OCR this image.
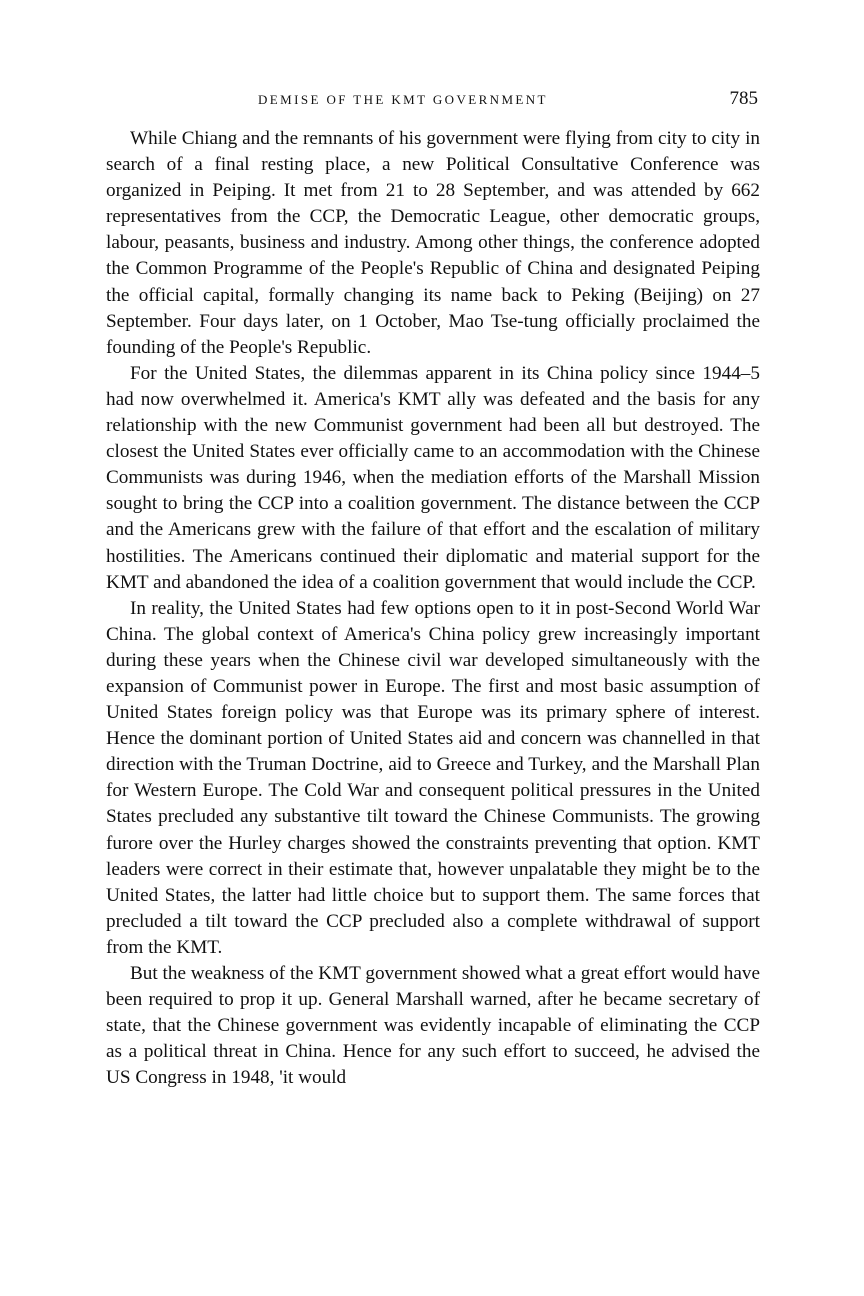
DEMISE OF THE KMT GOVERNMENT	785

While Chiang and the remnants of his government were flying from city to city in search of a final resting place, a new Political Consultative Conference was organized in Peiping. It met from 21 to 28 September, and was attended by 662 representatives from the CCP, the Democratic League, other democratic groups, labour, peasants, business and industry. Among other things, the conference adopted the Common Programme of the People's Republic of China and designated Peiping the official capital, formally changing its name back to Peking (Beijing) on 27 September. Four days later, on 1 October, Mao Tse-tung officially proclaimed the founding of the People's Republic.

For the United States, the dilemmas apparent in its China policy since 1944–5 had now overwhelmed it. America's KMT ally was defeated and the basis for any relationship with the new Communist government had been all but destroyed. The closest the United States ever officially came to an accommodation with the Chinese Communists was during 1946, when the mediation efforts of the Marshall Mission sought to bring the CCP into a coalition government. The distance between the CCP and the Americans grew with the failure of that effort and the escalation of military hostilities. The Americans continued their diplomatic and material support for the KMT and abandoned the idea of a coalition government that would include the CCP.

In reality, the United States had few options open to it in post-Second World War China. The global context of America's China policy grew increasingly important during these years when the Chinese civil war developed simultaneously with the expansion of Communist power in Europe. The first and most basic assumption of United States foreign policy was that Europe was its primary sphere of interest. Hence the dominant portion of United States aid and concern was channelled in that direction with the Truman Doctrine, aid to Greece and Turkey, and the Marshall Plan for Western Europe. The Cold War and consequent political pressures in the United States precluded any substantive tilt toward the Chinese Communists. The growing furore over the Hurley charges showed the constraints preventing that option. KMT leaders were correct in their estimate that, however unpalatable they might be to the United States, the latter had little choice but to support them. The same forces that precluded a tilt toward the CCP precluded also a complete withdrawal of support from the KMT.

But the weakness of the KMT government showed what a great effort would have been required to prop it up. General Marshall warned, after he became secretary of state, that the Chinese government was evidently incapable of eliminating the CCP as a political threat in China. Hence for any such effort to succeed, he advised the US Congress in 1948, 'it would
